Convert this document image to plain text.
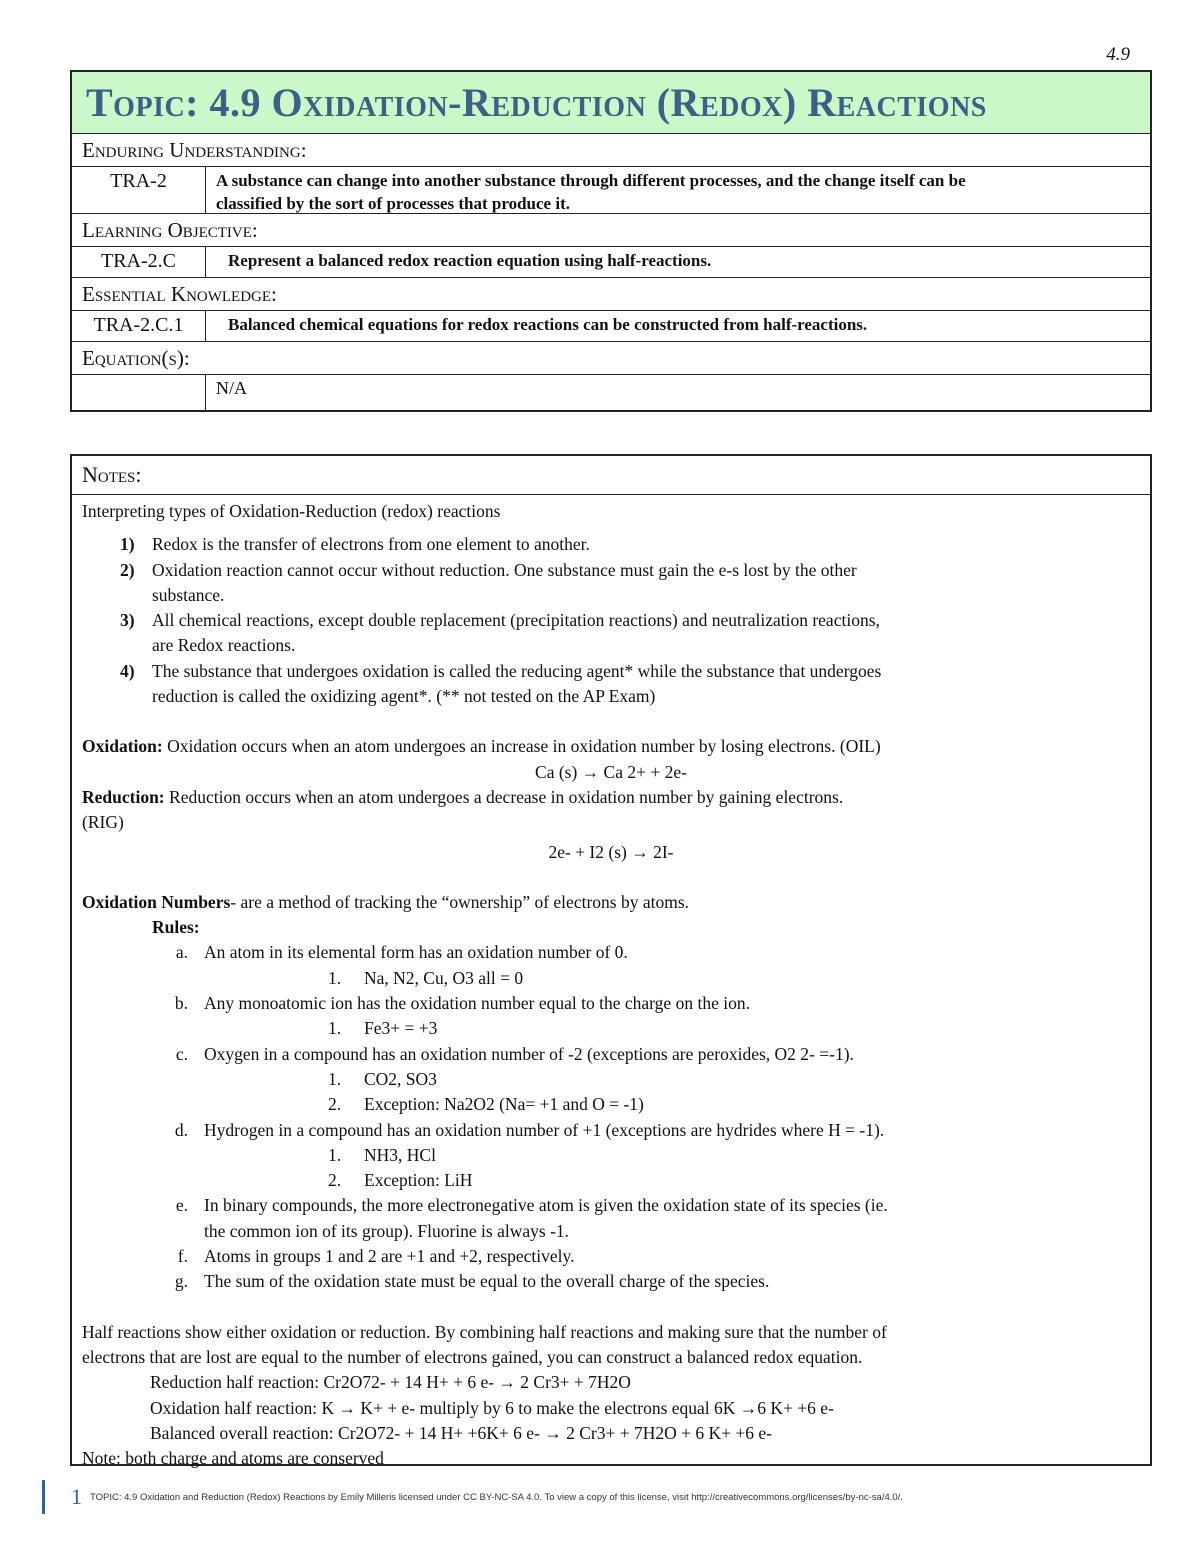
4.9
Topic: 4.9 Oxidation-Reduction (Redox) Reactions
Enduring Understanding:
TRA-2	A substance can change into another substance through different processes, and the change itself can be
classified by the sort of processes that produce it.
Learning Objective:
TRA-2.C	Represent a balanced redox reaction equation using half-reactions.
Essential Knowledge:
TRA-2.C.1	Balanced chemical equations for redox reactions can be constructed from half-reactions.
Equation(s):
N/A
Notes:
Interpreting types of Oxidation-Reduction (redox) reactions
1) Redox is the transfer of electrons from one element to another.
2) Oxidation reaction cannot occur without reduction. One substance must gain the e-s lost by the other
substance.
3) All chemical reactions, except double replacement (precipitation reactions) and neutralization reactions,
are Redox reactions.
4) The substance that undergoes oxidation is called the reducing agent* while the substance that undergoes
reduction is called the oxidizing agent*. (** not tested on the AP Exam)
Oxidation: Oxidation occurs when an atom undergoes an increase in oxidation number by losing electrons. (OIL)
Ca (s) → Ca 2+ + 2e-
Reduction: Reduction occurs when an atom undergoes a decrease in oxidation number by gaining electrons.
(RIG)
2e- + I2 (s) → 2I-
Oxidation Numbers- are a method of tracking the “ownership” of electrons by atoms.
Rules:
a. An atom in its elemental form has an oxidation number of 0.
1. Na, N2, Cu, O3 all = 0
b. Any monoatomic ion has the oxidation number equal to the charge on the ion.
1. Fe3+ = +3
c. Oxygen in a compound has an oxidation number of -2 (exceptions are peroxides, O2 2- =-1).
1. CO2, SO3
2. Exception: Na2O2 (Na= +1 and O = -1)
d. Hydrogen in a compound has an oxidation number of +1 (exceptions are hydrides where H = -1).
1. NH3, HCl
2. Exception: LiH
e. In binary compounds, the more electronegative atom is given the oxidation state of its species (ie.
the common ion of its group). Fluorine is always -1.
f. Atoms in groups 1 and 2 are +1 and +2, respectively.
g. The sum of the oxidation state must be equal to the overall charge of the species.
Half reactions show either oxidation or reduction. By combining half reactions and making sure that the number of
electrons that are lost are equal to the number of electrons gained, you can construct a balanced redox equation.
Reduction half reaction: Cr2O72- + 14 H+ + 6 e- → 2 Cr3+ + 7H2O
Oxidation half reaction: K → K+ + e- multiply by 6 to make the electrons equal 6K →6 K+ +6 e-
Balanced overall reaction: Cr2O72- + 14 H+ +6K+ 6 e- → 2 Cr3+ + 7H2O + 6 K+ +6 e-
Note: both charge and atoms are conserved
1 TOPIC: 4.9 Oxidation and Reduction (Redox) Reactions by Emily Milleris licensed under CC BY-NC-SA 4.0. To view a copy of this license, visit http://creativecommons.org/licenses/by-nc-sa/4.0/.
